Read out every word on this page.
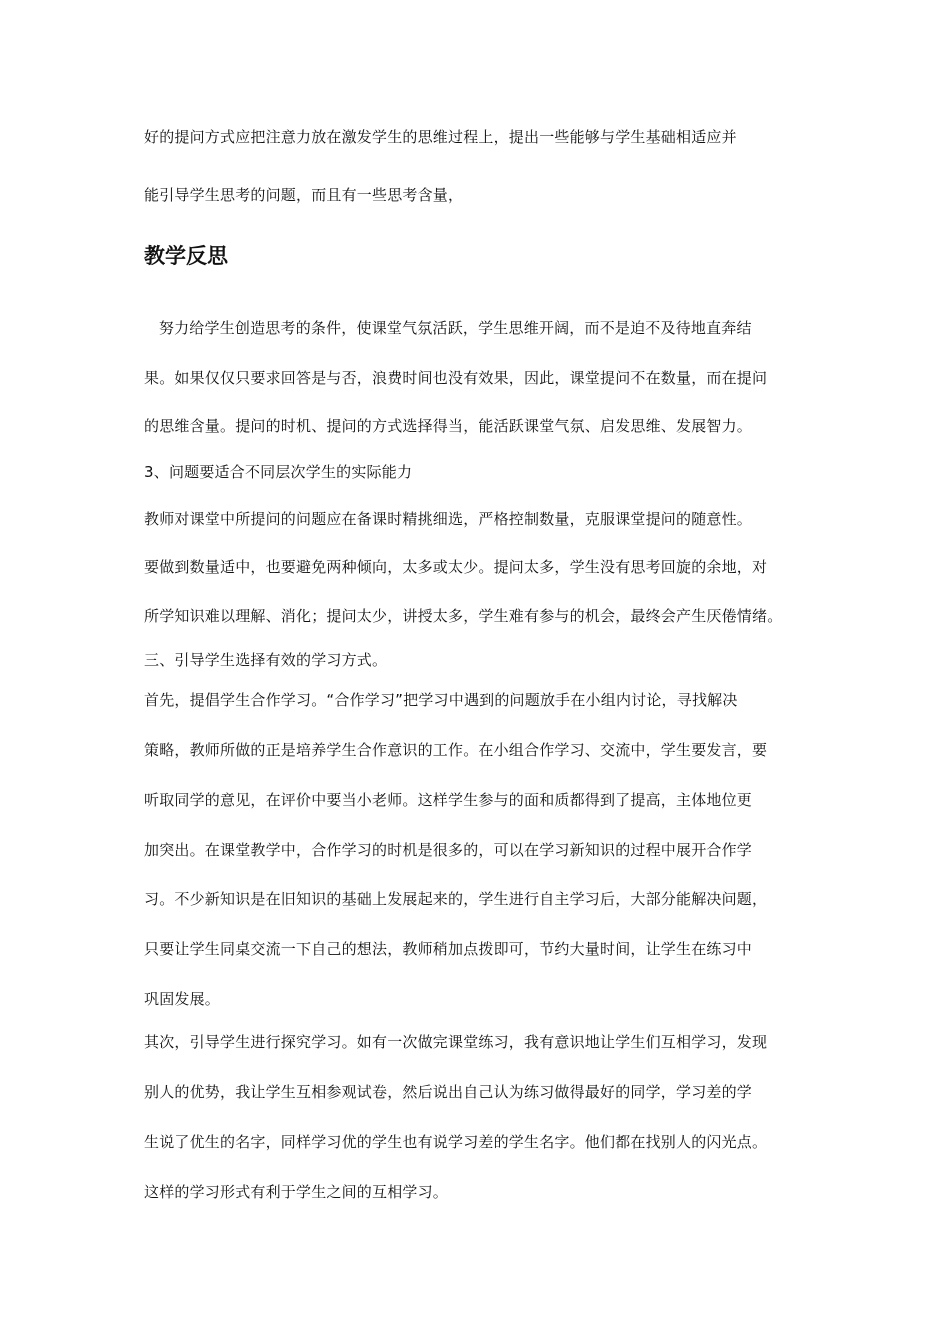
好的提问方式应把注意力放在激发学生的思维过程上，提出一些能够与学生基础相适应并
能引导学生思考的问题，而且有一些思考含量，
教学反思
努力给学生创造思考的条件，使课堂气氛活跃，学生思维开阔，而不是迫不及待地直奔结
果。如果仅仅只要求回答是与否，浪费时间也没有效果，因此，课堂提问不在数量，而在提问
的思维含量。提问的时机、提问的方式选择得当，能活跃课堂气氛、启发思维、发展智力。
3、问题要适合不同层次学生的实际能力
教师对课堂中所提问的问题应在备课时精挑细选，严格控制数量，克服课堂提问的随意性。
要做到数量适中，也要避免两种倾向，太多或太少。提问太多，学生没有思考回旋的余地，对
所学知识难以理解、消化；提问太少，讲授太多，学生难有参与的机会，最终会产生厌倦情绪。
三、引导学生选择有效的学习方式。
首先，提倡学生合作学习。“合作学习”把学习中遇到的问题放手在小组内讨论，寻找解决
策略，教师所做的正是培养学生合作意识的工作。在小组合作学习、交流中，学生要发言，要
听取同学的意见，在评价中要当小老师。这样学生参与的面和质都得到了提高，主体地位更
加突出。在课堂教学中，合作学习的时机是很多的，可以在学习新知识的过程中展开合作学
习。不少新知识是在旧知识的基础上发展起来的，学生进行自主学习后，大部分能解决问题，
只要让学生同桌交流一下自己的想法，教师稍加点拨即可，节约大量时间，让学生在练习中
巩固发展。
其次，引导学生进行探究学习。如有一次做完课堂练习，我有意识地让学生们互相学习，发现
别人的优势，我让学生互相参观试卷，然后说出自己认为练习做得最好的同学，学习差的学
生说了优生的名字，同样学习优的学生也有说学习差的学生名字。他们都在找别人的闪光点。
这样的学习形式有利于学生之间的互相学习。
